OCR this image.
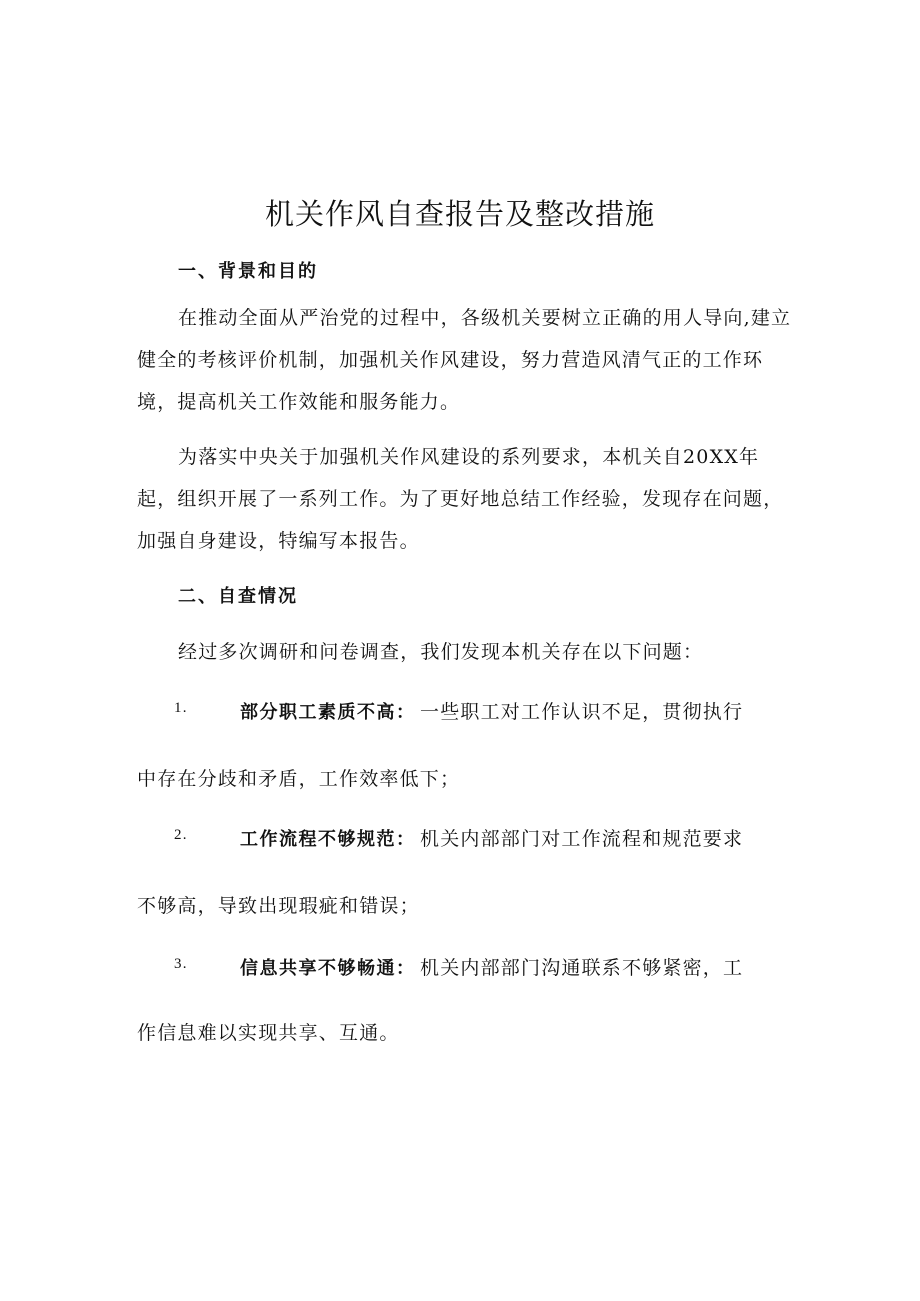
机关作风自查报告及整改措施
一、背景和目的

在推动全面从严治党的过程中，各级机关要树立正确的用人导向,建立健全的考核评价机制，加强机关作风建设，努力营造风清气正的工作环境，提高机关工作效能和服务能力。

为落实中央关于加强机关作风建设的系列要求，本机关自20XX年起，组织开展了一系列工作。为了更好地总结工作经验，发现存在问题，加强自身建设，特编写本报告。

二、自查情况

经过多次调研和问卷调查，我们发现本机关存在以下问题：

1.	部分职工素质不高： 一些职工对工作认识不足，贯彻执行

中存在分歧和矛盾，工作效率低下；

2.	工作流程不够规范： 机关内部部门对工作流程和规范要求

不够高，导致出现瑕疵和错误；

3.	信息共享不够畅通： 机关内部部门沟通联系不够紧密，工

作信息难以实现共享、互通。
